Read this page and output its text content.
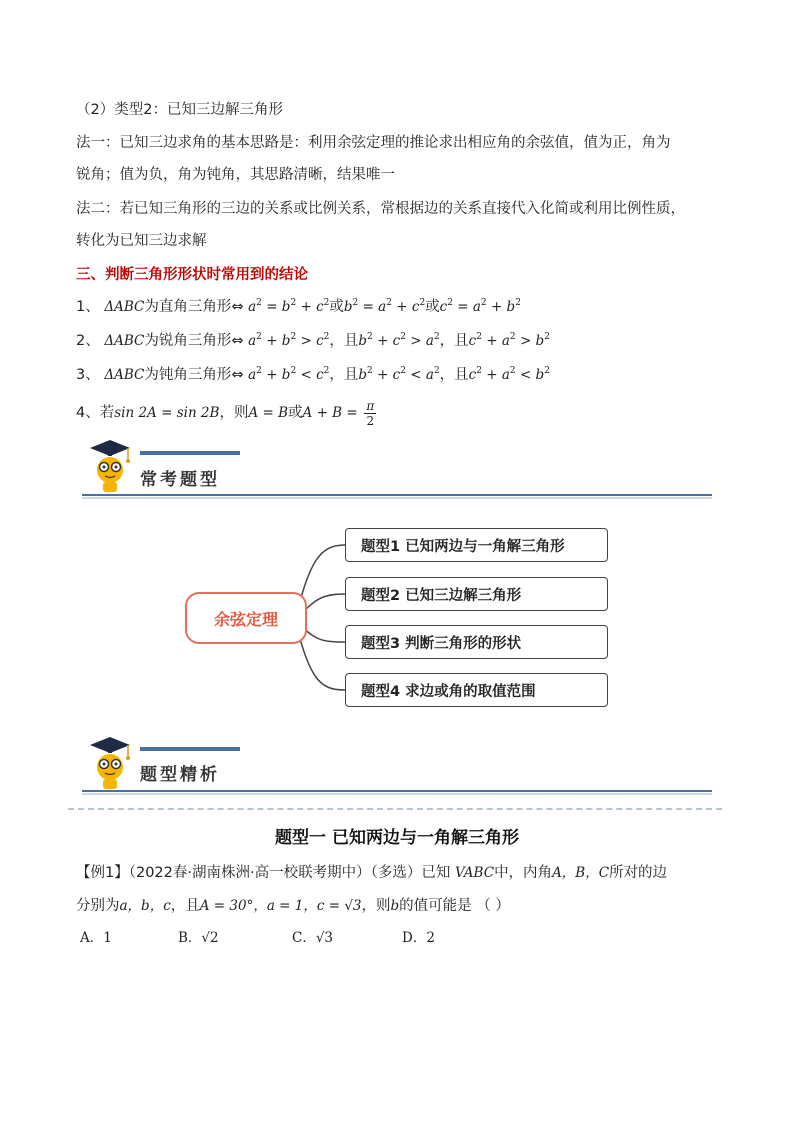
（2）类型2：已知三边解三角形
法一：已知三边求角的基本思路是：利用余弦定理的推论求出相应角的余弦值，值为正，角为
锐角；值为负，角为钝角，其思路清晰，结果唯一
法二：若已知三角形的三边的关系或比例关系，常根据边的关系直接代入化简或利用比例性质，
转化为已知三边求解
三、判断三角形形状时常用到的结论
1、 ΔABC为直角三角形⇔ $a^2 = b^2 + c^2$或$b^2 = a^2 + c^2$或$c^2 = a^2 + b^2$
2、 ΔABC为锐角三角形⇔ $a^2 + b^2 > c^2$，且$b^2 + c^2 > a^2$，且$c^2 + a^2 > b^2$
3、 ΔABC为钝角三角形⇔ $a^2 + b^2 < c^2$，且$b^2 + c^2 < a^2$，且$c^2 + a^2 < b^2$
4、若sin 2A = sin 2B，则A = B或$A + B = \frac{\pi}{2}$
常考题型
余弦定理
题型1 已知两边与一角解三角形
题型2 已知三边解三角形
题型3 判断三角形的形状
题型4 求边或角的取值范围
题型精析
题型一 已知两边与一角解三角形
【例1】（2022春·湖南株洲·高一校联考期中）（多选）已知 VABC中，内角A，B，C所对的边
分别为a，b，c，且A = 30°，a = 1，c = √3，则b的值可能是 （ ）
A．1	B．√2	C．√3	D．2
